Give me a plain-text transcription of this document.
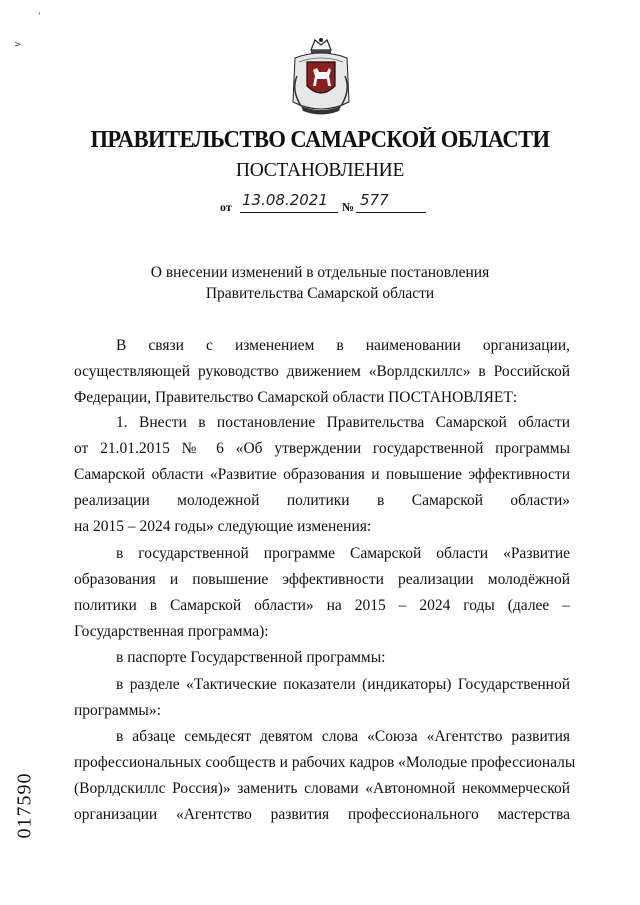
ПРАВИТЕЛЬСТВО САМАРСКОЙ ОБЛАСТИ
ПОСТАНОВЛЕНИЕ
от 13.08.2021 № 577
О внесении изменений в отдельные постановления
Правительства Самарской области
В связи с изменением в наименовании организации,
осуществляющей руководство движением «Ворлдскиллс» в Российской
Федерации, Правительство Самарской области ПОСТАНОВЛЯЕТ:
1. Внести в постановление Правительства Самарской области
от 21.01.2015 № 6 «Об утверждении государственной программы
Самарской области «Развитие образования и повышение эффективности
реализации молодежной политики в Самарской области»
на 2015 – 2024 годы» следующие изменения:
в государственной программе Самарской области «Развитие
образования и повышение эффективности реализации молодёжной
политики в Самарской области» на 2015 – 2024 годы (далее –
Государственная программа):
в паспорте Государственной программы:
в разделе «Тактические показатели (индикаторы) Государственной
программы»:
в абзаце семьдесят девятом слова «Союза «Агентство развития
профессиональных сообществ и рабочих кадров «Молодые профессионалы
(Ворлдскиллс Россия)» заменить словами «Автономной некоммерческой
организации «Агентство развития профессионального мастерства
017590
ʼ
>
